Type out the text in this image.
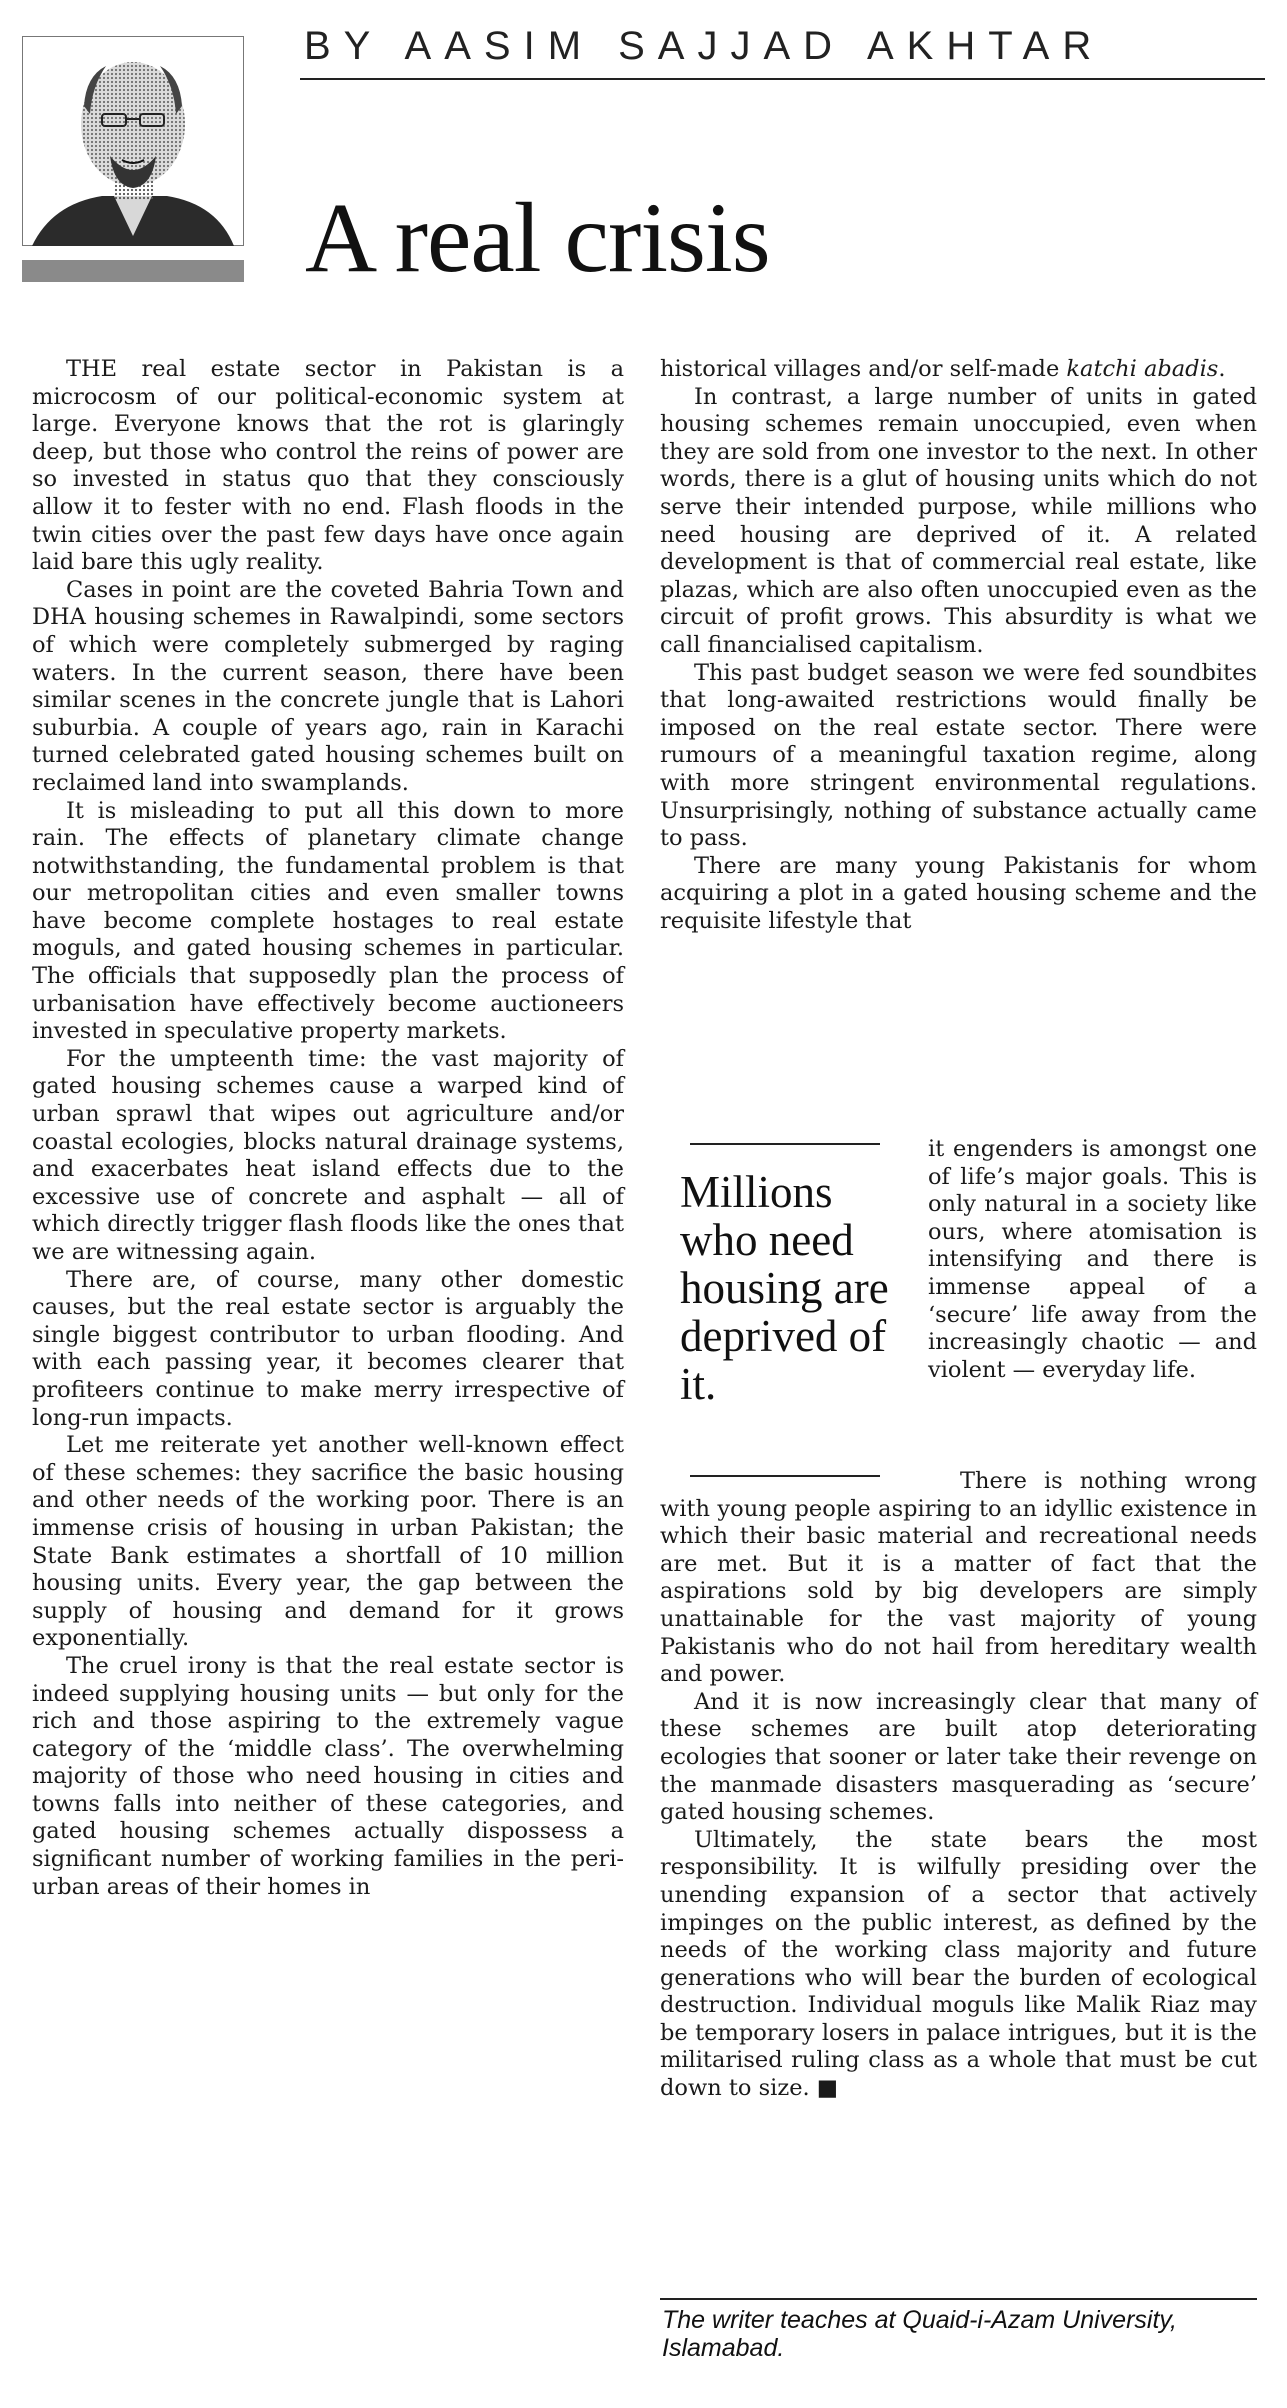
BY AASIM SAJJAD AKHTAR
A real crisis

THE real estate sector in Pakistan is a microcosm of our political-economic system at large. Everyone knows that the rot is glaringly deep, but those who control the reins of power are so invested in status quo that they consciously allow it to fester with no end. Flash floods in the twin cities over the past few days have once again laid bare this ugly reality.

Cases in point are the coveted Bahria Town and DHA housing schemes in Rawalpindi, some sectors of which were completely submerged by raging waters. In the current season, there have been similar scenes in the concrete jungle that is Lahori suburbia. A couple of years ago, rain in Karachi turned celebrated gated housing schemes built on reclaimed land into swamplands.

It is misleading to put all this down to more rain. The effects of planetary climate change notwithstanding, the fundamental problem is that our metropolitan cities and even smaller towns have become complete hostages to real estate moguls, and gated housing schemes in particular. The officials that supposedly plan the process of urbanisation have effectively become auctioneers invested in speculative property markets.

For the umpteenth time: the vast majority of gated housing schemes cause a warped kind of urban sprawl that wipes out agriculture and/or coastal ecologies, blocks natural drainage systems, and exacerbates heat island effects due to the excessive use of concrete and asphalt — all of which directly trigger flash floods like the ones that we are witnessing again.

There are, of course, many other domestic causes, but the real estate sector is arguably the single biggest contributor to urban flooding. And with each passing year, it becomes clearer that profiteers continue to make merry irrespective of long-run impacts.

Let me reiterate yet another well-known effect of these schemes: they sacrifice the basic housing and other needs of the working poor. There is an immense crisis of housing in urban Pakistan; the State Bank estimates a shortfall of 10 million housing units. Every year, the gap between the supply of housing and demand for it grows exponentially.

The cruel irony is that the real estate sector is indeed supplying housing units — but only for the rich and those aspiring to the extremely vague category of the ‘middle class’. The overwhelming majority of those who need housing in cities and towns falls into neither of these categories, and gated housing schemes actually dispossess a significant number of working families in the peri-urban areas of their homes in

historical villages and/or self-made katchi abadis.

In contrast, a large number of units in gated housing schemes remain unoccupied, even when they are sold from one investor to the next. In other words, there is a glut of housing units which do not serve their intended purpose, while millions who need housing are deprived of it. A related development is that of commercial real estate, like plazas, which are also often unoccupied even as the circuit of profit grows. This absurdity is what we call financialised capitalism.

This past budget season we were fed soundbites that long-awaited restrictions would finally be imposed on the real estate sector. There were rumours of a meaningful taxation regime, along with more stringent environmental regulations. Unsurprisingly, nothing of substance actually came to pass.

There are many young Pakistanis for whom acquiring a plot in a gated housing scheme and the requisite lifestyle that

Millions who need housing are deprived of it.

it engenders is amongst one of life’s major goals. This is only natural in a society like ours, where atomisation is intensifying and there is immense appeal of a ‘secure’ life away from the increasingly chaotic — and violent — everyday life.

There is nothing wrong with young people aspiring to an idyllic existence in which their basic material and recreational needs are met. But it is a matter of fact that the aspirations sold by big developers are simply unattainable for the vast majority of young Pakistanis who do not hail from hereditary wealth and power.

And it is now increasingly clear that many of these schemes are built atop deteriorating ecologies that sooner or later take their revenge on the manmade disasters masquerading as ‘secure’ gated housing schemes.

Ultimately, the state bears the most responsibility. It is wilfully presiding over the unending expansion of a sector that actively impinges on the public interest, as defined by the needs of the working class majority and future generations who will bear the burden of ecological destruction. Individual moguls like Malik Riaz may be temporary losers in palace intrigues, but it is the militarised ruling class as a whole that must be cut down to size. ■

The writer teaches at Quaid-i-Azam University, Islamabad.
